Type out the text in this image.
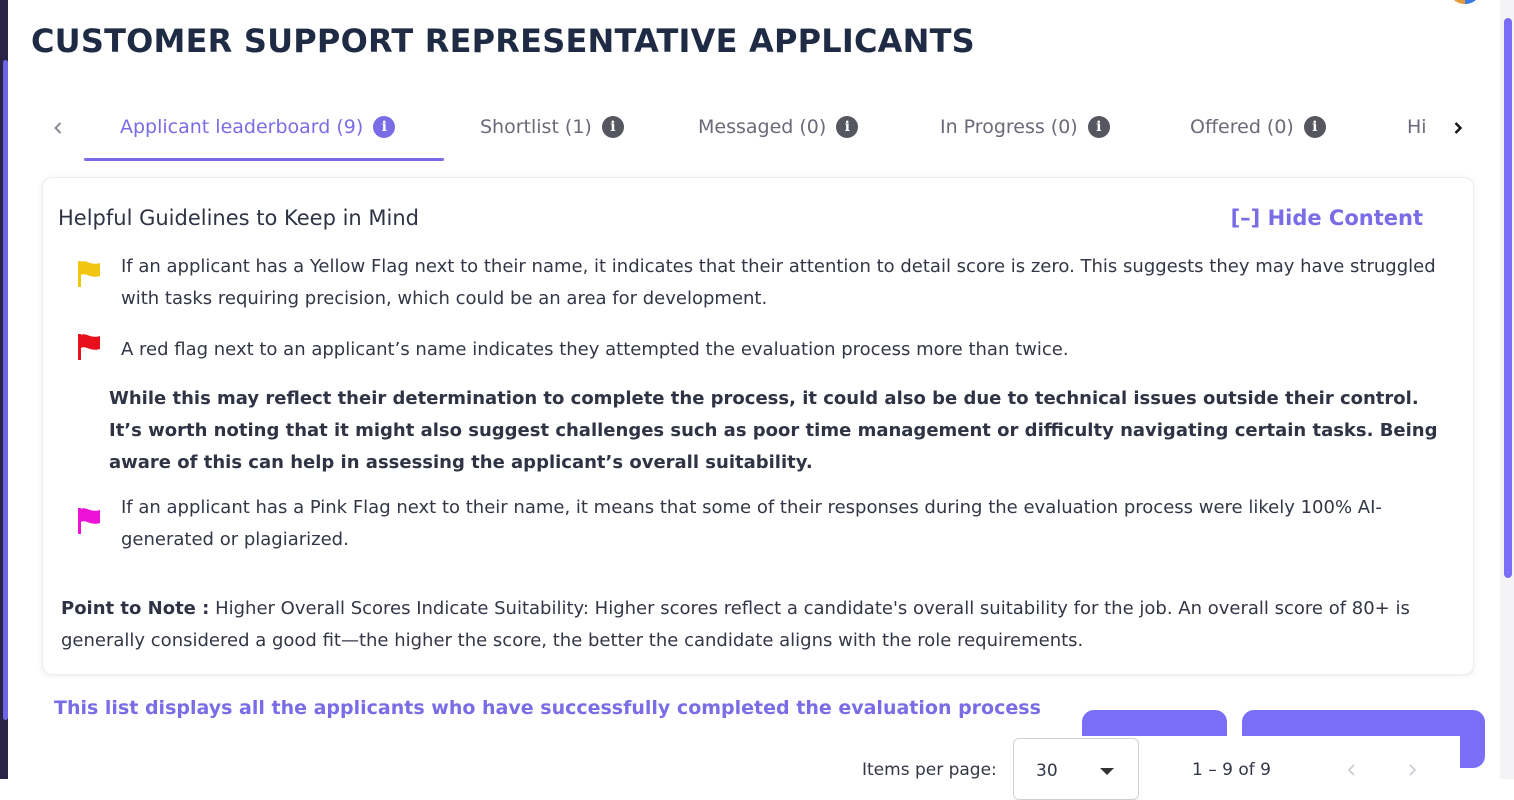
CUSTOMER SUPPORT REPRESENTATIVE APPLICANTS
Applicant leaderboard (9)	i	Shortlist (1)	i	Messaged (0)	i	In Progress (0)	i	Offered (0)	i	Hi
Helpful Guidelines to Keep in Mind	[–] Hide Content

If an applicant has a Yellow Flag next to their name, it indicates that their attention to detail score is zero. This suggests they may have struggled with tasks requiring precision, which could be an area for development.

A red flag next to an applicant’s name indicates they attempted the evaluation process more than twice.

While this may reflect their determination to complete the process, it could also be due to technical issues outside their control. It’s worth noting that it might also suggest challenges such as poor time management or difficulty navigating certain tasks. Being aware of this can help in assessing the applicant’s overall suitability.

If an applicant has a Pink Flag next to their name, it means that some of their responses during the evaluation process were likely 100% AI-generated or plagiarized.

Point to Note : Higher Overall Scores Indicate Suitability: Higher scores reflect a candidate's overall suitability for the job. An overall score of 80+ is generally considered a good fit—the higher the score, the better the candidate aligns with the role requirements.

This list displays all the applicants who have successfully completed the evaluation process

Items per page: 30	1 – 9 of 9
